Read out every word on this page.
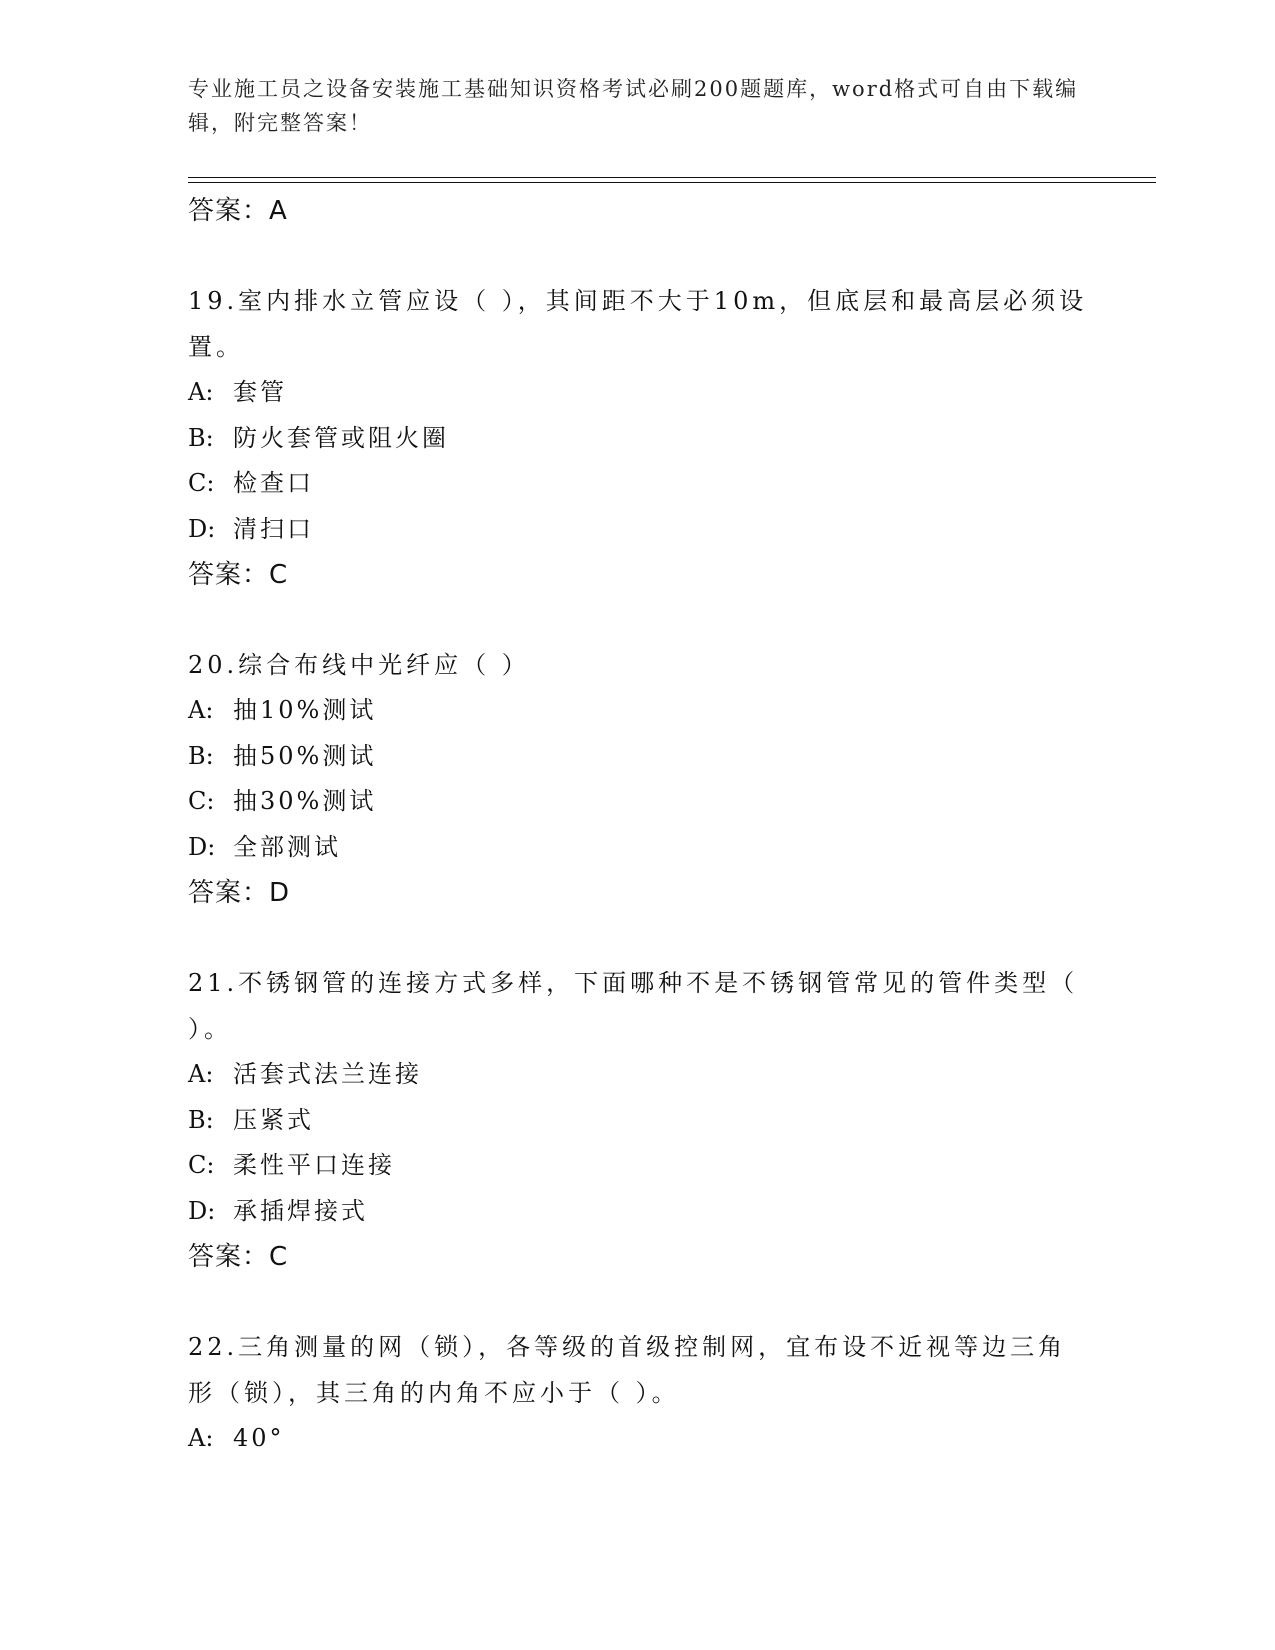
专业施工员之设备安装施工基础知识资格考试必刷200题题库，word格式可自由下载编辑，附完整答案！
答案：A
19.室内排水立管应设（ ），其间距不大于10m，但底层和最高层必须设置。
A: 套管
B: 防火套管或阻火圈
C: 检查口
D: 清扫口
答案：C
20.综合布线中光纤应（ ）
A: 抽10%测试
B: 抽50%测试
C: 抽30%测试
D: 全部测试
答案：D
21.不锈钢管的连接方式多样，下面哪种不是不锈钢管常见的管件类型（ ）。
A: 活套式法兰连接
B: 压紧式
C: 柔性平口连接
D: 承插焊接式
答案：C
22.三角测量的网（锁），各等级的首级控制网，宜布设不近视等边三角形（锁），其三角的内角不应小于（ ）。
A: 40°
